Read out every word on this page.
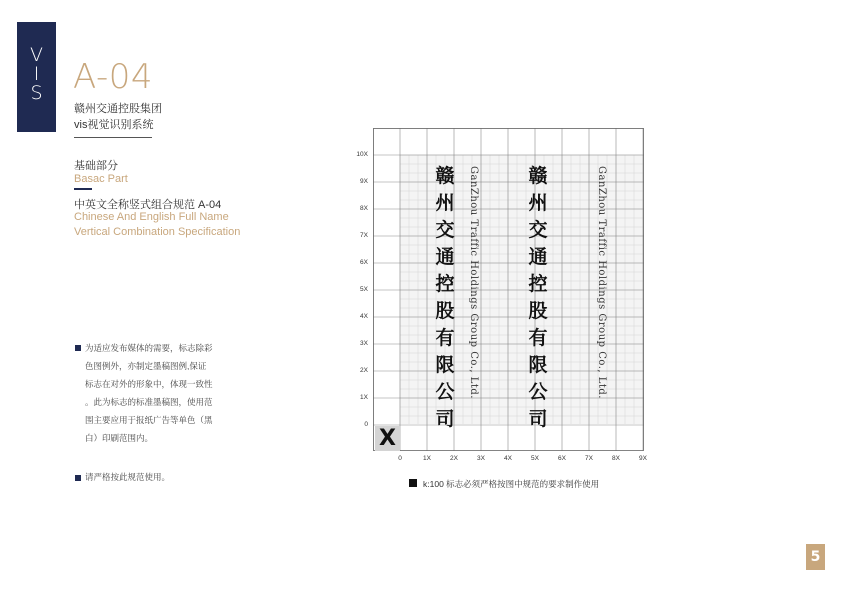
V
I
S A-04
赣州交通控股集团
vis视觉识别系统
基础部分
Basac Part
中英文全称竖式组合规范 A-04
Chinese And English Full Name
Vertical Combination Specification
为适应发布媒体的需要，标志除彩
色图例外，亦制定墨稿图例,保证
标志在对外的形象中，体现一致性
。此为标志的标准墨稿图，使用范
围主要应用于报纸广告等单色（黑
白）印刷范围内。
请严格按此规范使用。
10X
9X
8X
7X
6X
5X
4X
3X
2X
1X
0
0	1X	2X	3X	4X	5X	6X	7X	8X	9X
赣
州
交
通
控
股
有
限
公
司
GanZhou Traffic Holdings Group Co., Ltd.	赣
州
交
通
控
股
有
限
公
司
GanZhou Traffic Holdings Group Co., Ltd.
X
k:100 标志必须严格按图中规范的要求制作使用
5
